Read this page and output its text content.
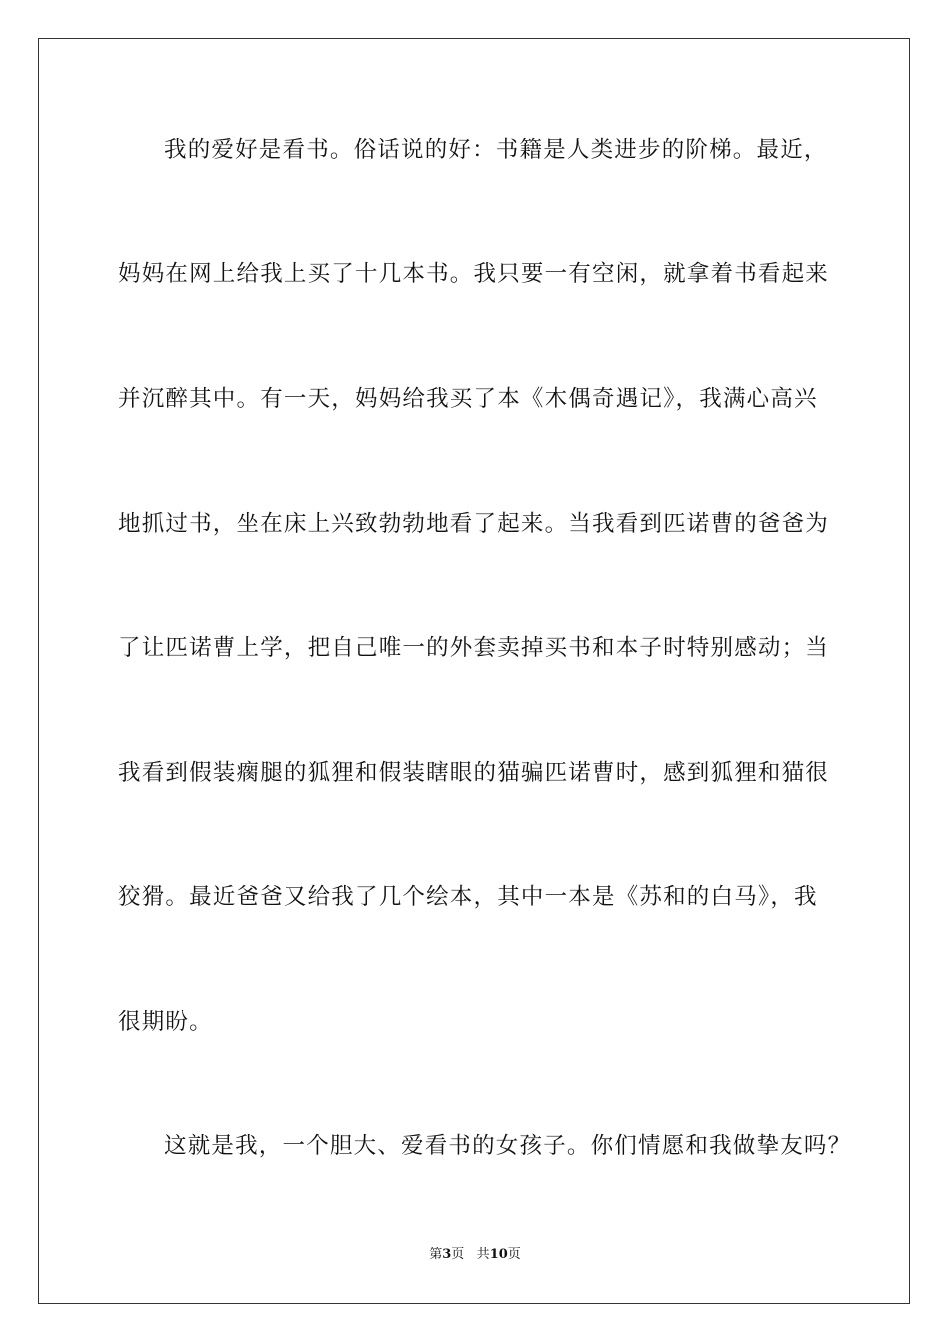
我的爱好是看书。俗话说的好：书籍是人类进步的阶梯。最近，
妈妈在网上给我上买了十几本书。我只要一有空闲，就拿着书看起来
并沉醉其中。有一天，妈妈给我买了本《木偶奇遇记》，我满心高兴
地抓过书，坐在床上兴致勃勃地看了起来。当我看到匹诺曹的爸爸为
了让匹诺曹上学，把自己唯一的外套卖掉买书和本子时特别感动；当
我看到假装瘸腿的狐狸和假装瞎眼的猫骗匹诺曹时，感到狐狸和猫很
狡猾。最近爸爸又给我了几个绘本，其中一本是《苏和的白马》，我
很期盼。
这就是我，一个胆大、爱看书的女孩子。你们情愿和我做挚友吗？
第3页 共10页
